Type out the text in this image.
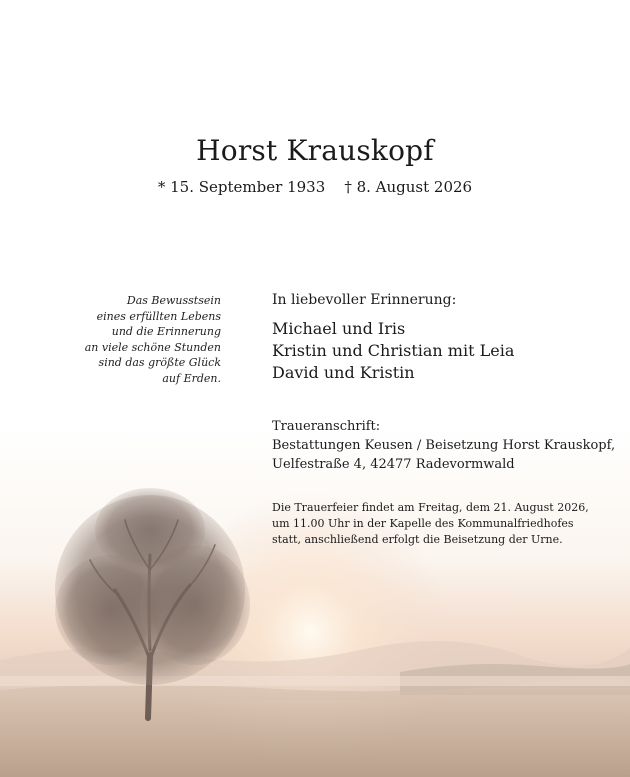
Horst Krauskopf
* 15. September 1933 † 8. August 2026
Das Bewusstsein
eines erfüllten Lebens
und die Erinnerung
an viele schöne Stunden
sind das größte Glück
auf Erden.
In liebevoller Erinnerung:
Michael und Iris
Kristin und Christian mit Leia
David und Kristin
Traueranschrift:
Bestattungen Keusen / Beisetzung Horst Krauskopf,
Uelfestraße 4, 42477 Radevormwald
Die Trauerfeier findet am Freitag, dem 21. August 2026,
um 11.00 Uhr in der Kapelle des Kommunalfriedhofes
statt, anschließend erfolgt die Beisetzung der Urne.
